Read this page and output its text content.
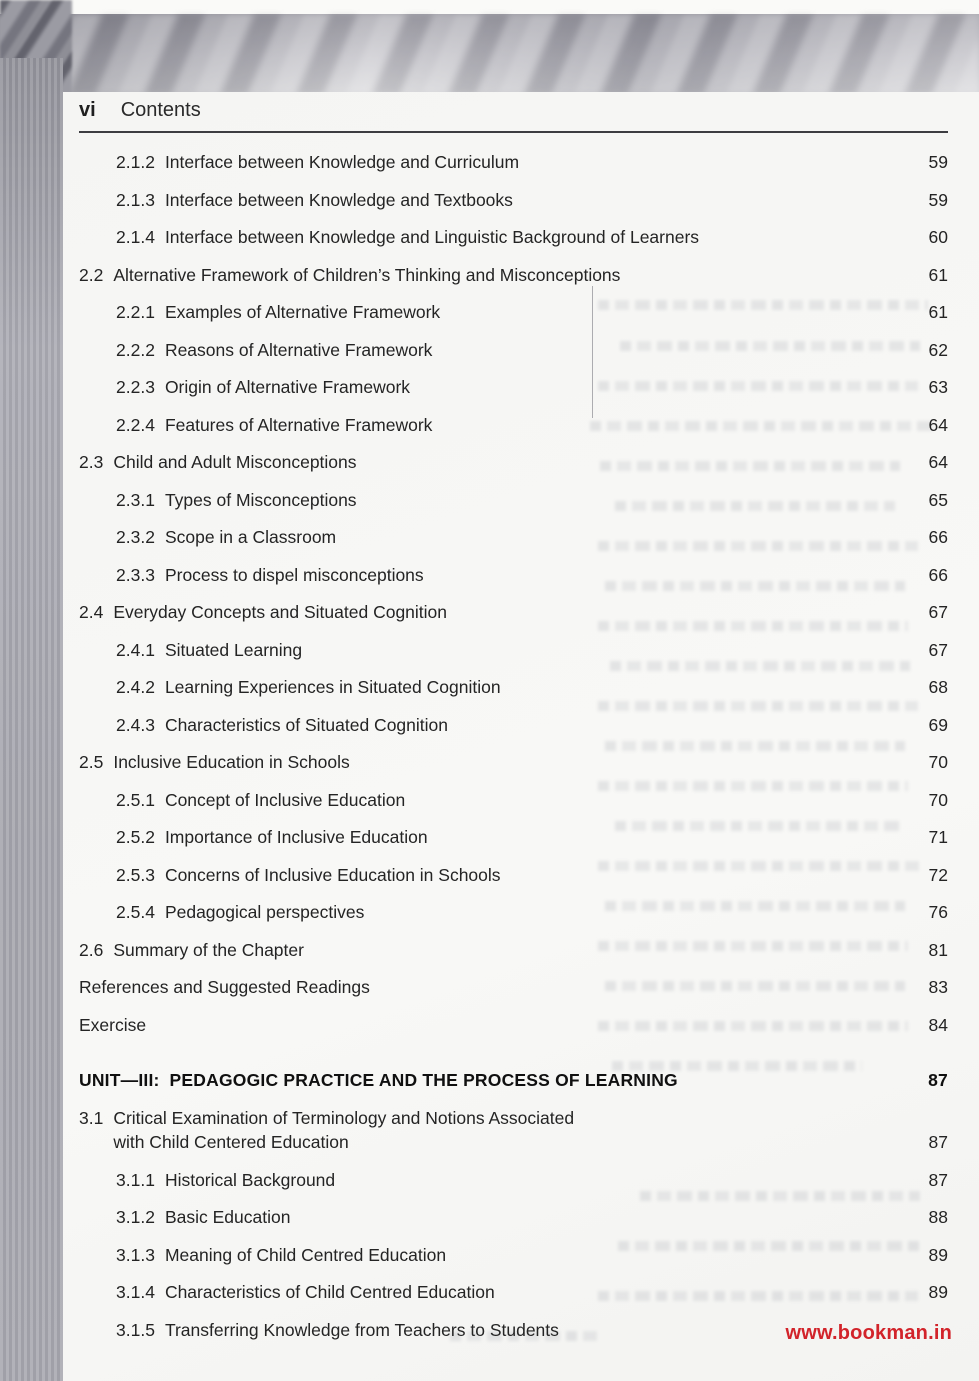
vi Contents
2.1.2 Interface between Knowledge and Curriculum	59
2.1.3 Interface between Knowledge and Textbooks	59
2.1.4 Interface between Knowledge and Linguistic Background of Learners	60
2.2 Alternative Framework of Children’s Thinking and Misconceptions	61
2.2.1 Examples of Alternative Framework	61
2.2.2 Reasons of Alternative Framework	62
2.2.3 Origin of Alternative Framework	63
2.2.4 Features of Alternative Framework	64
2.3 Child and Adult Misconceptions	64
2.3.1 Types of Misconceptions	65
2.3.2 Scope in a Classroom	66
2.3.3 Process to dispel misconceptions	66
2.4 Everyday Concepts and Situated Cognition	67
2.4.1 Situated Learning	67
2.4.2 Learning Experiences in Situated Cognition	68
2.4.3 Characteristics of Situated Cognition	69
2.5 Inclusive Education in Schools	70
2.5.1 Concept of Inclusive Education	70
2.5.2 Importance of Inclusive Education	71
2.5.3 Concerns of Inclusive Education in Schools	72
2.5.4 Pedagogical perspectives	76
2.6 Summary of the Chapter	81
References and Suggested Readings	83
Exercise	84
UNIT—III: PEDAGOGIC PRACTICE AND THE PROCESS OF LEARNING	87
3.1 Critical Examination of Terminology and Notions Associated
with Child Centered Education	87
3.1.1 Historical Background	87
3.1.2 Basic Education	88
3.1.3 Meaning of Child Centred Education	89
3.1.4 Characteristics of Child Centred Education	89
3.1.5 Transferring Knowledge from Teachers to Students	www.bookman.in
